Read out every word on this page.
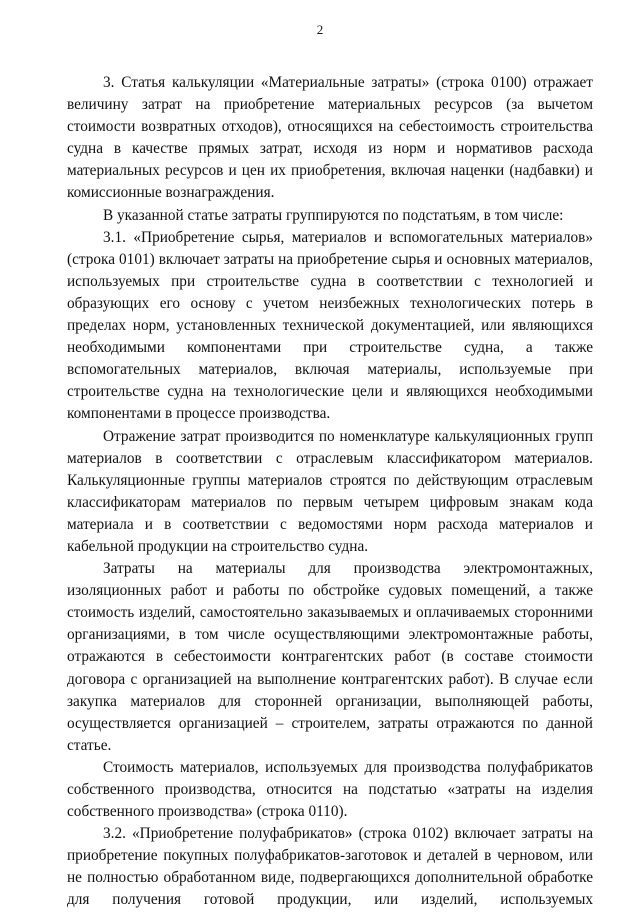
2

3. Статья калькуляции «Материальные затраты» (строка 0100) отражает величину затрат на приобретение материальных ресурсов (за вычетом стоимости возвратных отходов), относящихся на себестоимость строительства судна в качестве прямых затрат, исходя из норм и нормативов расхода материальных ресурсов и цен их приобретения, включая наценки (надбавки) и комиссионные вознаграждения.

В указанной статье затраты группируются по подстатьям, в том числе:

3.1. «Приобретение сырья, материалов и вспомогательных материалов» (строка 0101) включает затраты на приобретение сырья и основных материалов, используемых при строительстве судна в соответствии с технологией и образующих его основу с учетом неизбежных технологических потерь в пределах норм, установленных технической документацией, или являющихся необходимыми компонентами при строительстве судна, а также вспомогательных материалов, включая материалы, используемые при строительстве судна на технологические цели и являющихся необходимыми компонентами в процессе производства.

Отражение затрат производится по номенклатуре калькуляционных групп материалов в соответствии с отраслевым классификатором материалов. Калькуляционные группы материалов строятся по действующим отраслевым классификаторам материалов по первым четырем цифровым знакам кода материала и в соответствии с ведомостями норм расхода материалов и кабельной продукции на строительство судна.

Затраты на материалы для производства электромонтажных, изоляционных работ и работы по обстройке судовых помещений, а также стоимость изделий, самостоятельно заказываемых и оплачиваемых сторонними организациями, в том числе осуществляющими электромонтажные работы, отражаются в себестоимости контрагентских работ (в составе стоимости договора с организацией на выполнение контрагентских работ). В случае если закупка материалов для сторонней организации, выполняющей работы, осуществляется организацией – строителем, затраты отражаются по данной статье.

Стоимость материалов, используемых для производства полуфабрикатов собственного производства, относится на подстатью «затраты на изделия собственного производства» (строка 0110).

3.2. «Приобретение полуфабрикатов» (строка 0102) включает затраты на приобретение покупных полуфабрикатов-заготовок и деталей в черновом, или не полностью обработанном виде, подвергающихся дополнительной обработке для получения готовой продукции, или изделий, используемых
